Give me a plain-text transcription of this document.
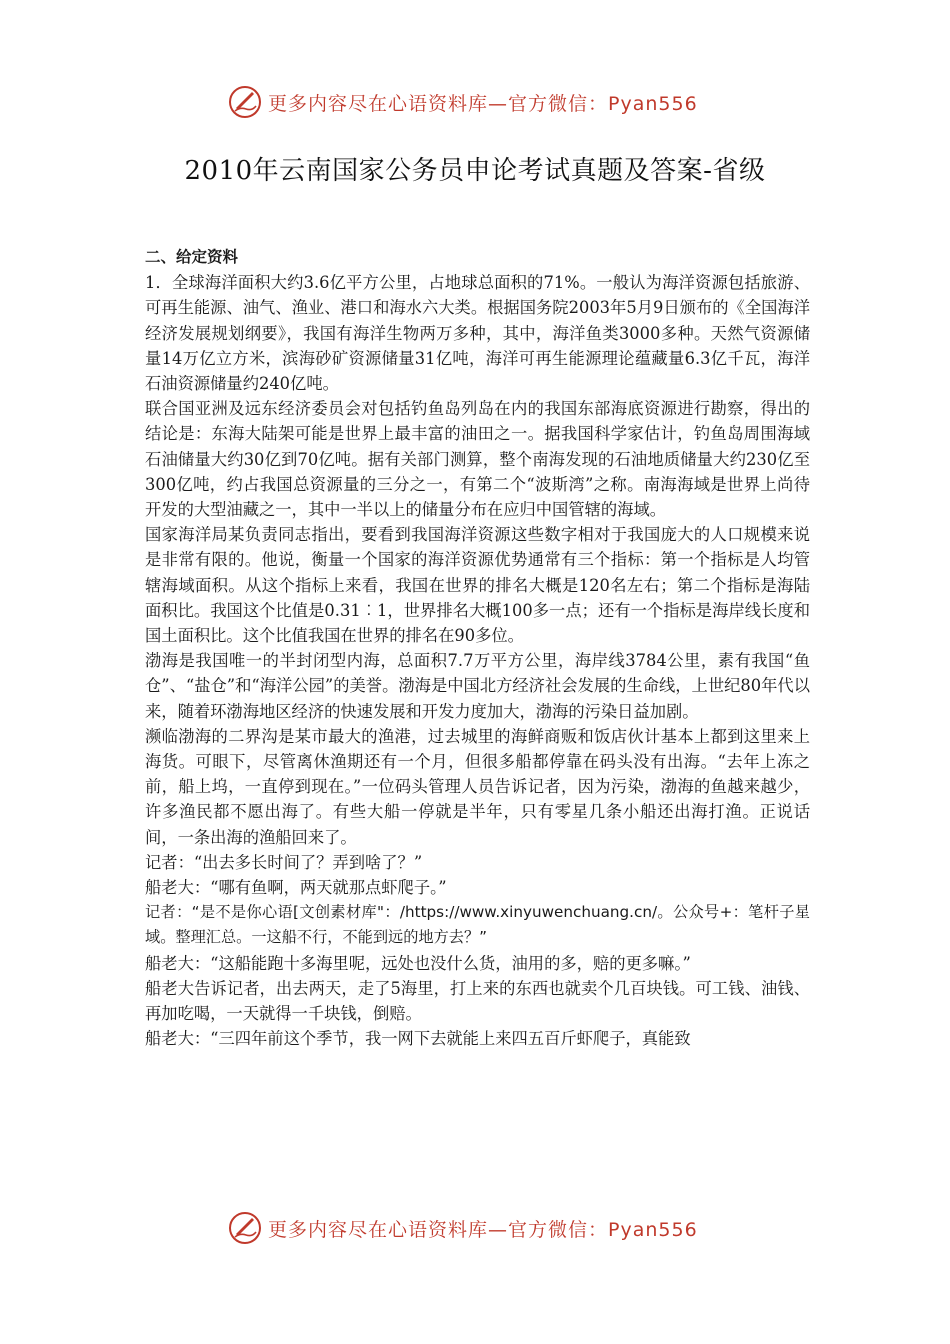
更多内容尽在心语资料库—官方微信：Pyan556
2010年云南国家公务员申论考试真题及答案-省级

二、给定资料

1．全球海洋面积大约3.6亿平方公里，占地球总面积的71%。一般认为海洋资源包括旅游、可再生能源、油气、渔业、港口和海水六大类。根据国务院2003年5月9日颁布的《全国海洋经济发展规划纲要》，我国有海洋生物两万多种，其中，海洋鱼类3000多种。天然气资源储量14万亿立方米，滨海砂矿资源储量31亿吨，海洋可再生能源理论蕴藏量6.3亿千瓦，海洋石油资源储量约240亿吨。

联合国亚洲及远东经济委员会对包括钓鱼岛列岛在内的我国东部海底资源进行勘察，得出的结论是：东海大陆架可能是世界上最丰富的油田之一。据我国科学家估计，钓鱼岛周围海域石油储量大约30亿到70亿吨。据有关部门测算，整个南海发现的石油地质储量大约230亿至300亿吨，约占我国总资源量的三分之一，有第二个“波斯湾”之称。南海海域是世界上尚待开发的大型油藏之一，其中一半以上的储量分布在应归中国管辖的海域。

国家海洋局某负责同志指出，要看到我国海洋资源这些数字相对于我国庞大的人口规模来说是非常有限的。他说，衡量一个国家的海洋资源优势通常有三个指标：第一个指标是人均管辖海域面积。从这个指标上来看，我国在世界的排名大概是120名左右；第二个指标是海陆面积比。我国这个比值是0.31︰1，世界排名大概100多一点；还有一个指标是海岸线长度和国土面积比。这个比值我国在世界的排名在90多位。

渤海是我国唯一的半封闭型内海，总面积7.7万平方公里，海岸线3784公里，素有我国“鱼仓”、“盐仓”和“海洋公园”的美誉。渤海是中国北方经济社会发展的生命线，上世纪80年代以来，随着环渤海地区经济的快速发展和开发力度加大，渤海的污染日益加剧。

濒临渤海的二界沟是某市最大的渔港，过去城里的海鲜商贩和饭店伙计基本上都到这里来上海货。可眼下，尽管离休渔期还有一个月，但很多船都停靠在码头没有出海。“去年上冻之前，船上坞，一直停到现在。”一位码头管理人员告诉记者，因为污染，渤海的鱼越来越少，许多渔民都不愿出海了。有些大船一停就是半年，只有零星几条小船还出海打渔。正说话间，一条出海的渔船回来了。

记者：“出去多长时间了？弄到啥了？”

船老大：“哪有鱼啊，两天就那点虾爬子。”

记者：“是不是你心语[文创素材库"：/https://www.xinyuwenchuang.cn/。公众号+：笔杆子星域。整理汇总。一这船不行，不能到远的地方去？”

船老大：“这船能跑十多海里呢，远处也没什么货，油用的多，赔的更多嘛。”

船老大告诉记者，出去两天，走了5海里，打上来的东西也就卖个几百块钱。可工钱、油钱、再加吃喝，一天就得一千块钱，倒赔。

船老大：“三四年前这个季节，我一网下去就能上来四五百斤虾爬子，真能致

更多内容尽在心语资料库—官方微信：Pyan556
